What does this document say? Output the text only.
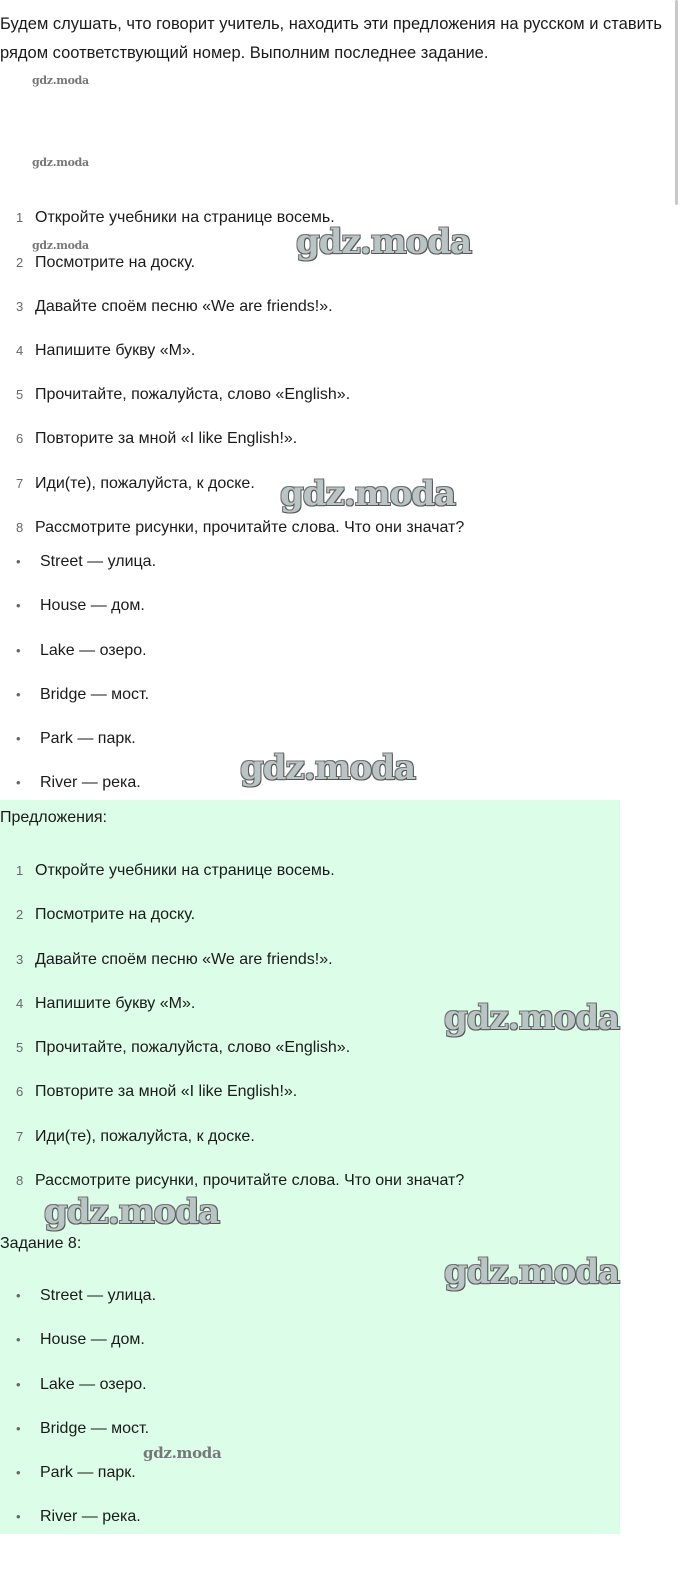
Будем слушать, что говорит учитель, находить эти предложения на русском и ставить рядом соответствующий номер. Выполним последнее задание.

gdz.moda
gdz.moda
gdz.moda
1 Откройте учебники на странице восемь.
2 Посмотрите на доску.
3 Давайте споём песню «We are friends!».
4 Напишите букву «M».
5 Прочитайте, пожалуйста, слово «English».
6 Повторите за мной «I like English!».
7 Иди(те), пожалуйста, к доске.
8 Рассмотрите рисунки, прочитайте слова. Что они значат?
• Street — улица.
• House — дом.
• Lake — озеро.
• Bridge — мост.
• Park — парк.
• River — река.
Предложения:
1 Откройте учебники на странице восемь.
2 Посмотрите на доску.
3 Давайте споём песню «We are friends!».
4 Напишите букву «M».
5 Прочитайте, пожалуйста, слово «English».
6 Повторите за мной «I like English!».
7 Иди(те), пожалуйста, к доске.
8 Рассмотрите рисунки, прочитайте слова. Что они значат?
Задание 8:
• Street — улица.
• House — дом.
• Lake — озеро.
• Bridge — мост.
• Park — парк.
• River — река.
gdz.moda
gdz.moda
gdz.moda
gdz.moda
gdz.moda
gdz.moda
gdz.moda
